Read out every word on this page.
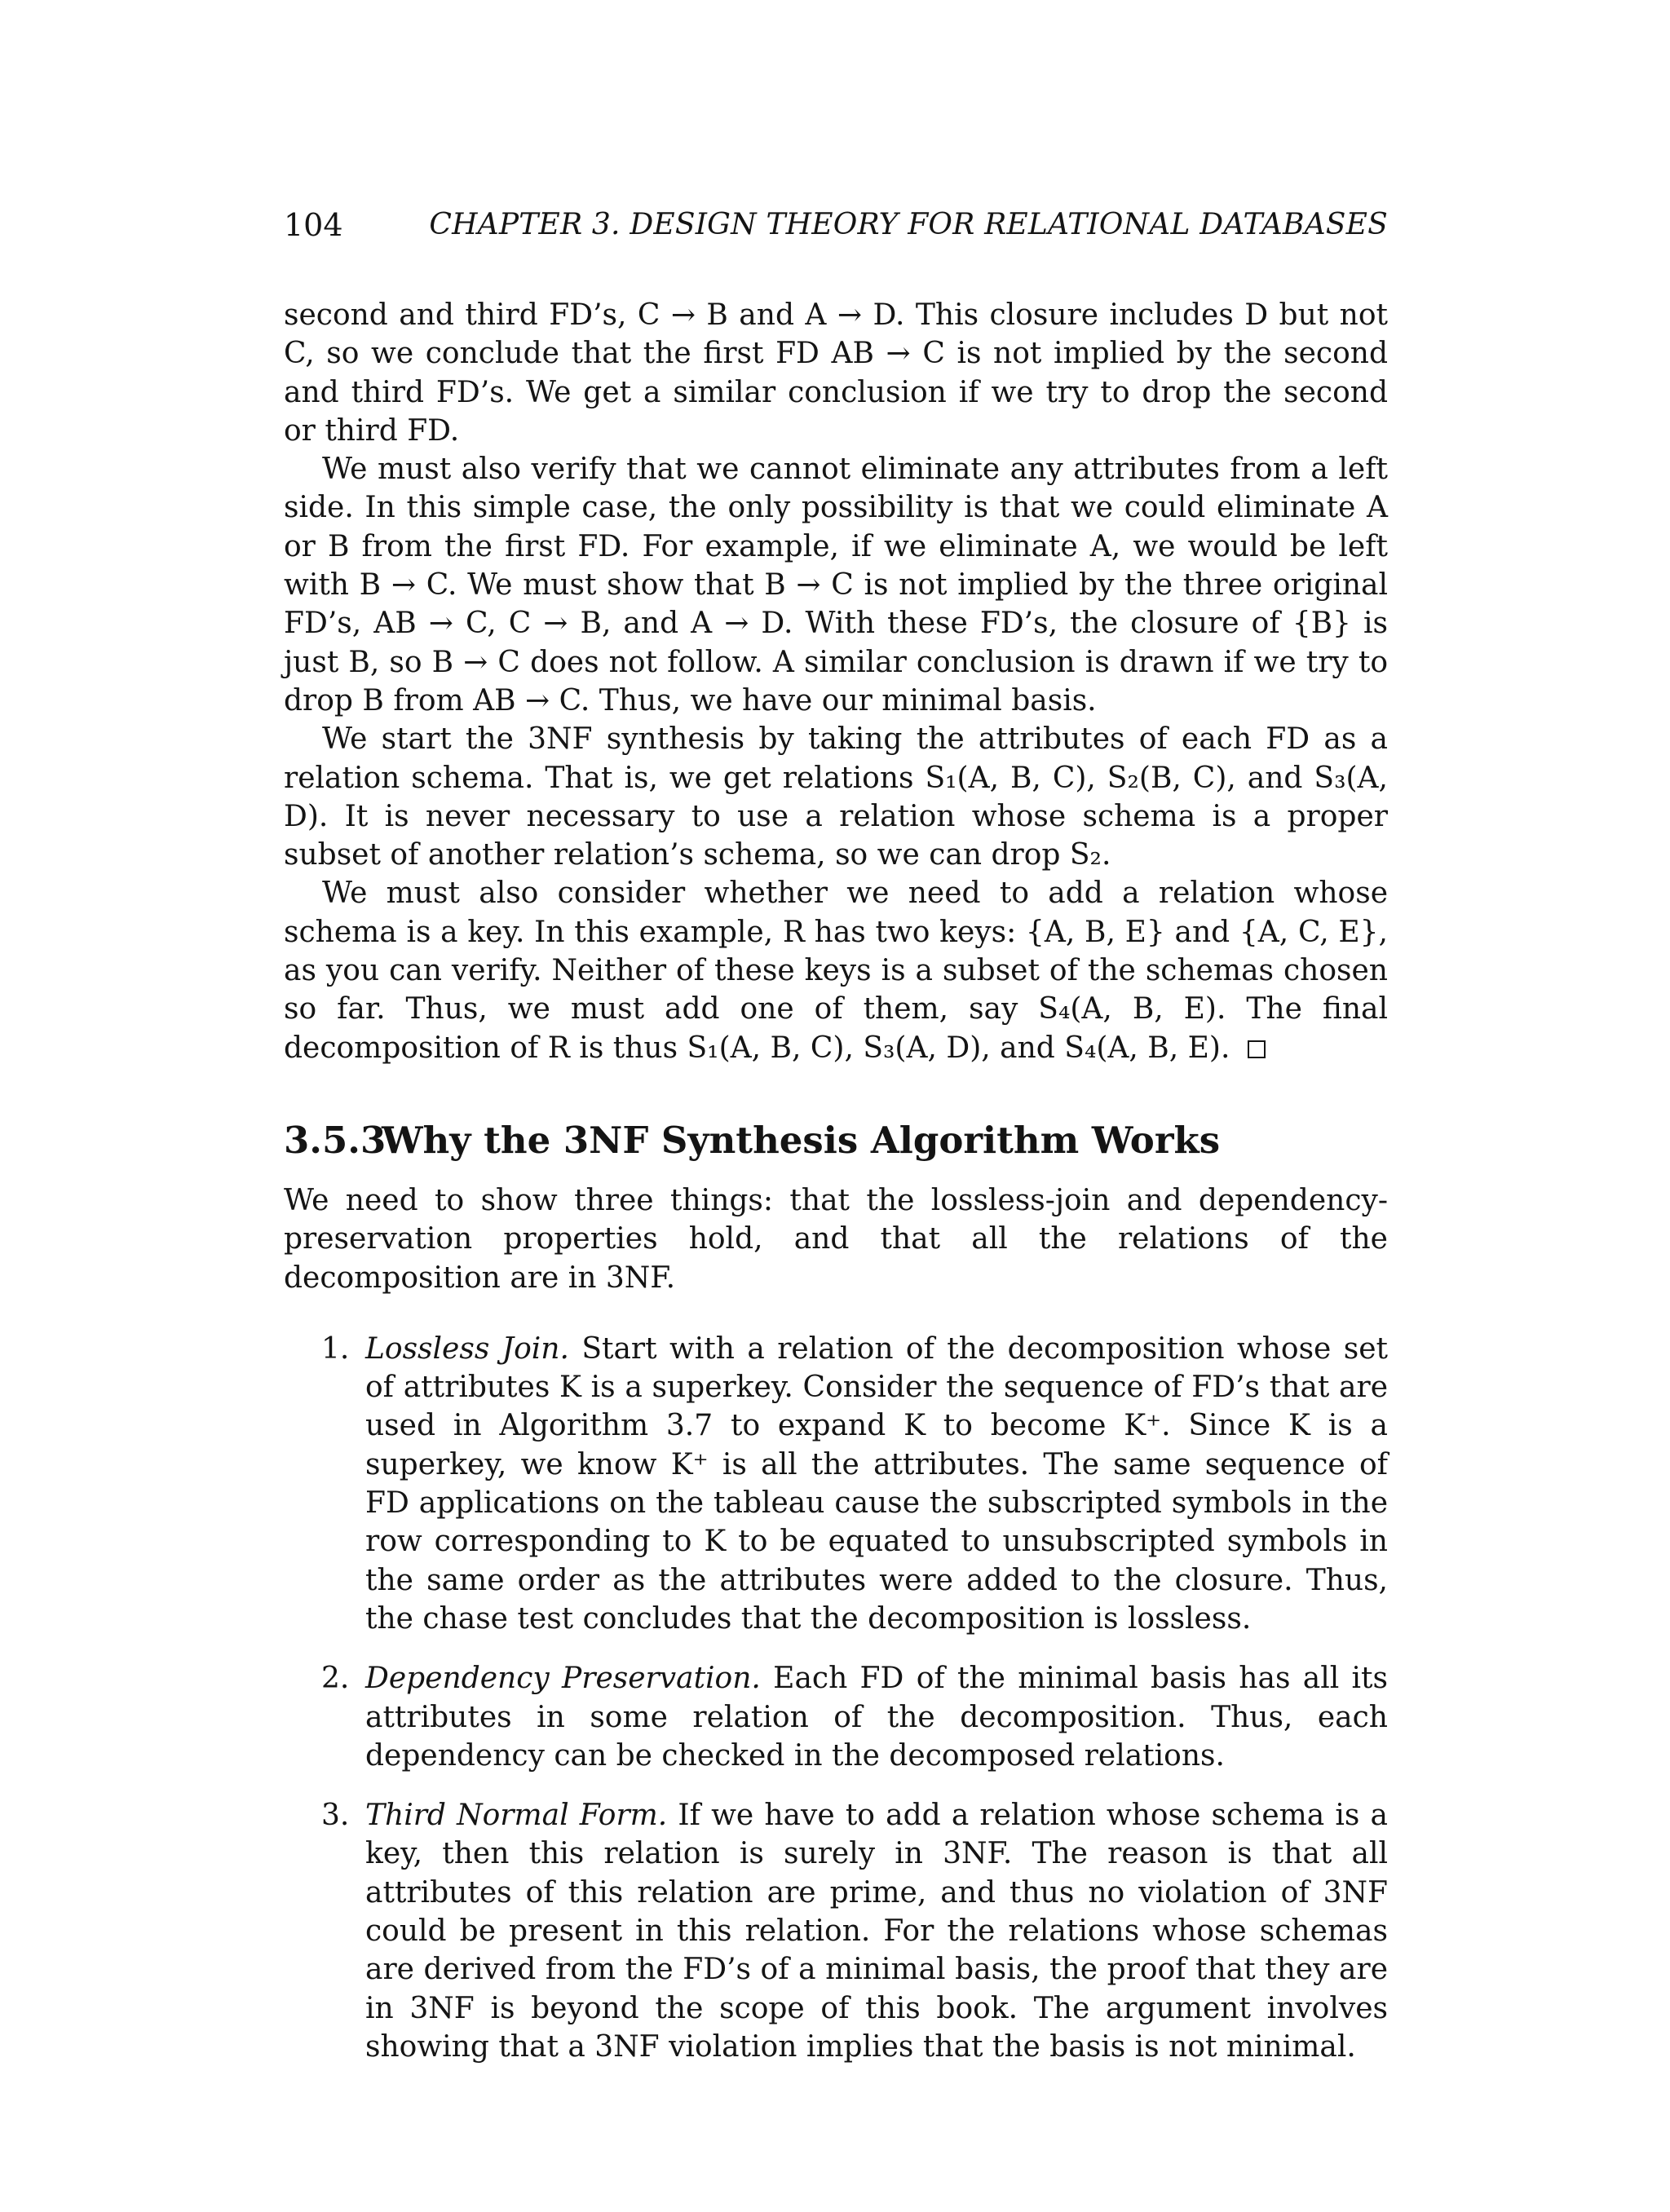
104	CHAPTER 3. DESIGN THEORY FOR RELATIONAL DATABASES

second and third FD’s, C → B and A → D. This closure includes D but not C, so we conclude that the first FD AB → C is not implied by the second and third FD’s. We get a similar conclusion if we try to drop the second or third FD.

We must also verify that we cannot eliminate any attributes from a left side. In this simple case, the only possibility is that we could eliminate A or B from the first FD. For example, if we eliminate A, we would be left with B → C. We must show that B → C is not implied by the three original FD’s, AB → C, C → B, and A → D. With these FD’s, the closure of {B} is just B, so B → C does not follow. A similar conclusion is drawn if we try to drop B from AB → C. Thus, we have our minimal basis.

We start the 3NF synthesis by taking the attributes of each FD as a relation schema. That is, we get relations S₁(A, B, C), S₂(B, C), and S₃(A, D). It is never necessary to use a relation whose schema is a proper subset of another relation’s schema, so we can drop S₂.

We must also consider whether we need to add a relation whose schema is a key. In this example, R has two keys: {A, B, E} and {A, C, E}, as you can verify. Neither of these keys is a subset of the schemas chosen so far. Thus, we must add one of them, say S₄(A, B, E). The final decomposition of R is thus S₁(A, B, C), S₃(A, D), and S₄(A, B, E).

3.5.3Why the 3NF Synthesis Algorithm Works

We need to show three things: that the lossless-join and dependency-preservation properties hold, and that all the relations of the decomposition are in 3NF.

1. Lossless Join. Start with a relation of the decomposition whose set of attributes K is a superkey. Consider the sequence of FD’s that are used in Algorithm 3.7 to expand K to become K⁺. Since K is a superkey, we know K⁺ is all the attributes. The same sequence of FD applications on the tableau cause the subscripted symbols in the row corresponding to K to be equated to unsubscripted symbols in the same order as the attributes were added to the closure. Thus, the chase test concludes that the decomposition is lossless.
2. Dependency Preservation. Each FD of the minimal basis has all its attributes in some relation of the decomposition. Thus, each dependency can be checked in the decomposed relations.
3. Third Normal Form. If we have to add a relation whose schema is a key, then this relation is surely in 3NF. The reason is that all attributes of this relation are prime, and thus no violation of 3NF could be present in this relation. For the relations whose schemas are derived from the FD’s of a minimal basis, the proof that they are in 3NF is beyond the scope of this book. The argument involves showing that a 3NF violation implies that the basis is not minimal.
